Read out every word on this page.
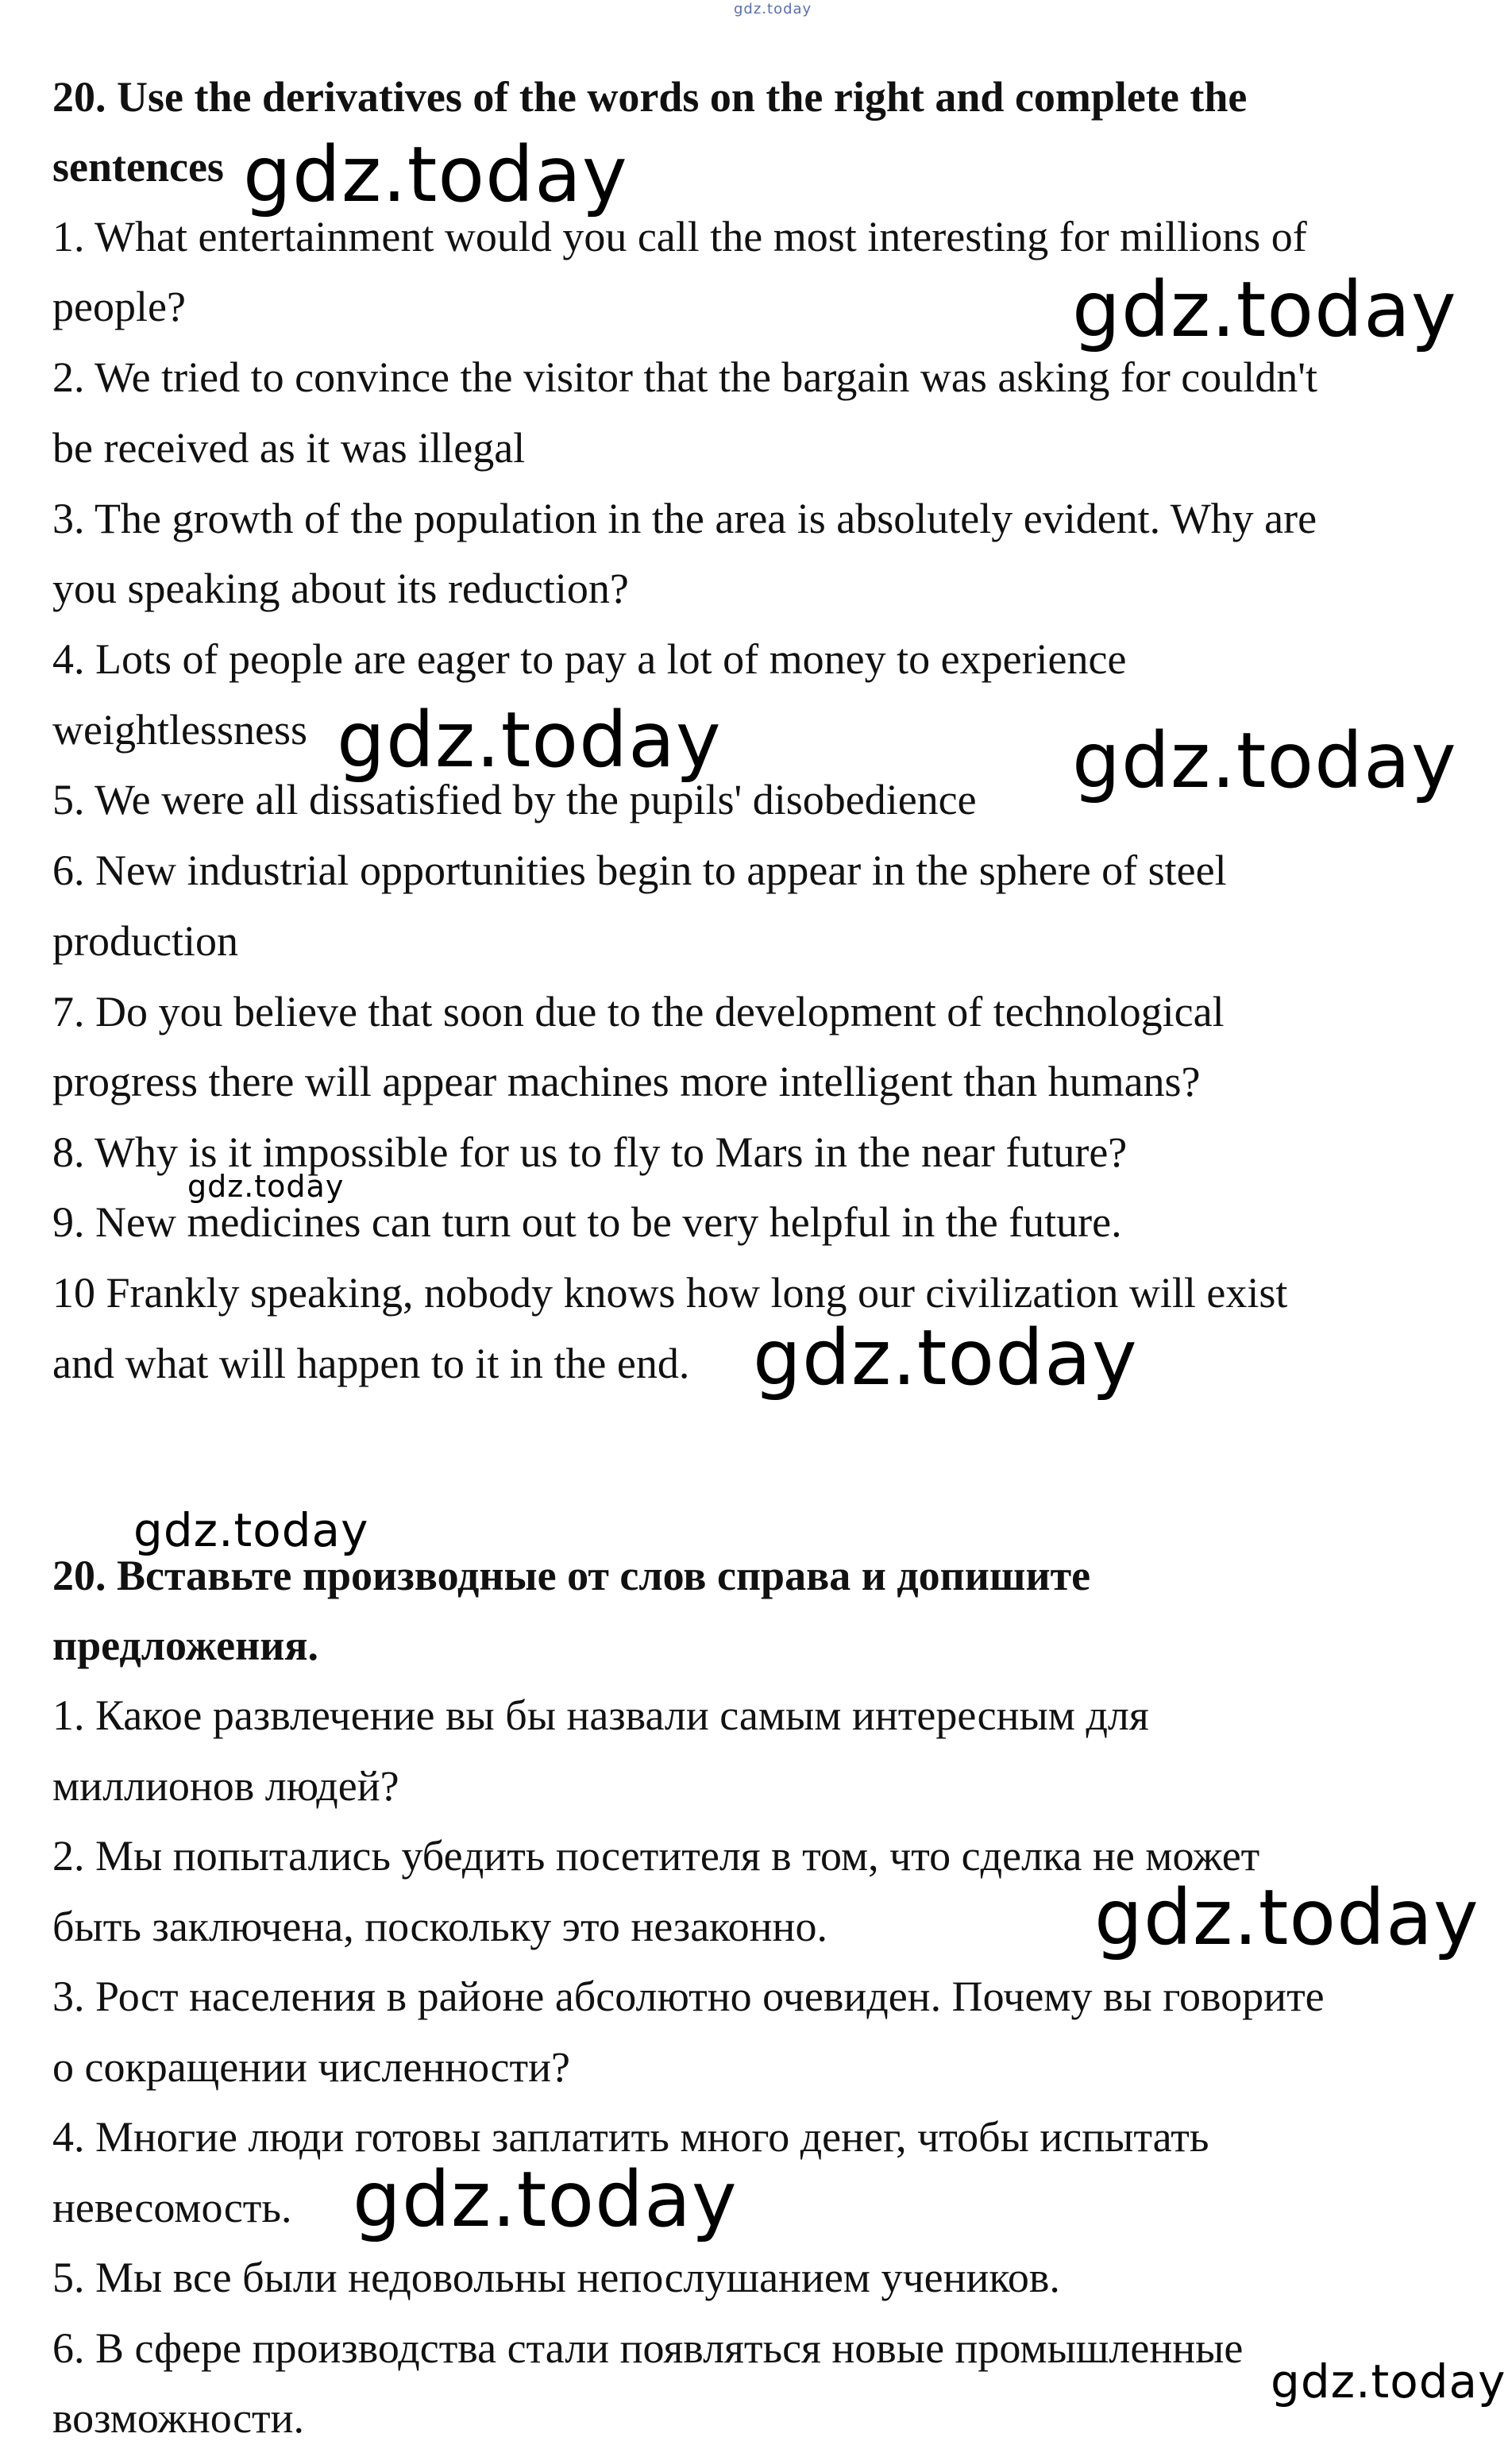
gdz.today
20. Use the derivatives of the words on the right and complete the
sentences
1. What entertainment would you call the most interesting for millions of
people?
2. We tried to convince the visitor that the bargain was asking for couldn't
be received as it was illegal
3. The growth of the population in the area is absolutely evident. Why are
you speaking about its reduction?
4. Lots of people are eager to pay a lot of money to experience
weightlessness
5. We were all dissatisfied by the pupils' disobedience
6. New industrial opportunities begin to appear in the sphere of steel
production
7. Do you believe that soon due to the development of technological
progress there will appear machines more intelligent than humans?
8. Why is it impossible for us to fly to Mars in the near future?
9. New medicines can turn out to be very helpful in the future.
10 Frankly speaking, nobody knows how long our civilization will exist
and what will happen to it in the end.
20. Вставьте производные от слов справа и допишите
предложения.
1. Какое развлечение вы бы назвали самым интересным для
миллионов людей?
2. Мы попытались убедить посетителя в том, что сделка не может
быть заключена, поскольку это незаконно.
3. Рост населения в районе абсолютно очевиден. Почему вы говорите
о сокращении численности?
4. Многие люди готовы заплатить много денег, чтобы испытать
невесомость.
5. Мы все были недовольны непослушанием учеников.
6. В сфере производства стали появляться новые промышленные
возможности.
gdz.today
gdz.today
gdz.today	gdz.today
gdz.today
gdz.today
gdz.today
gdz.today
gdz.today
gdz.today
